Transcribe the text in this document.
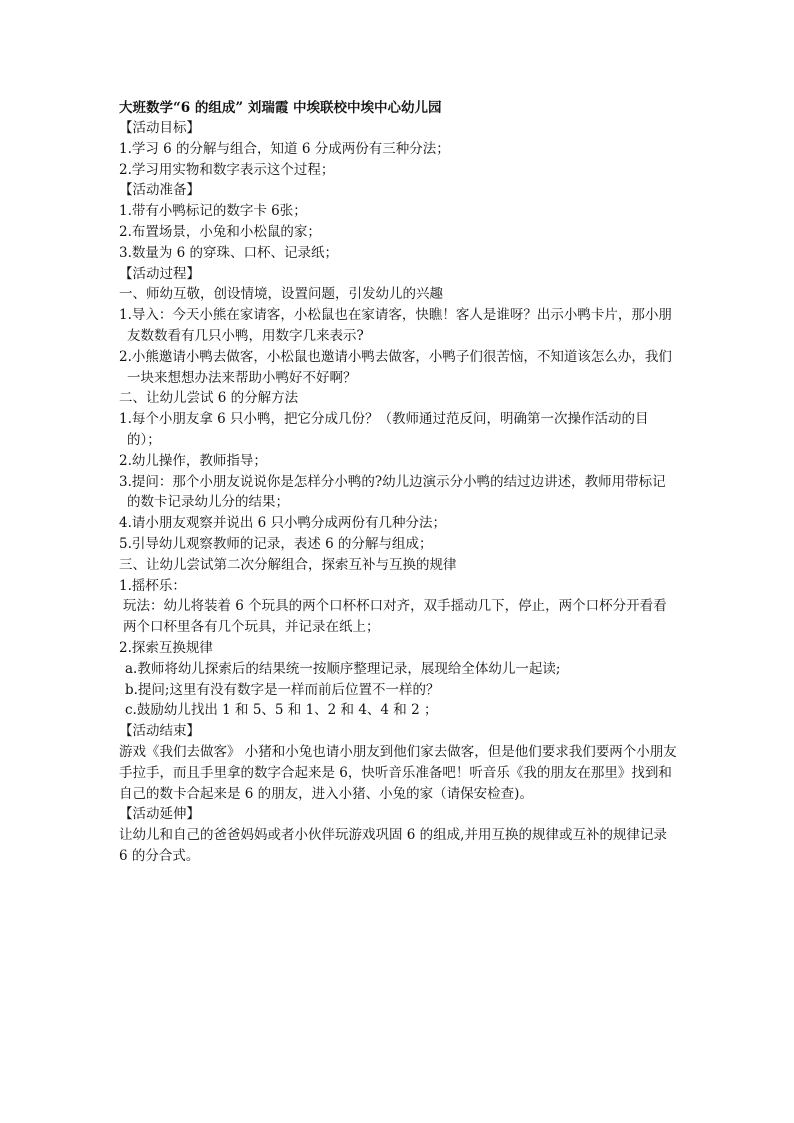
大班数学“6 的组成” 刘瑞霞 中埃联校中埃中心幼儿园

【活动目标】

1.学习 6 的分解与组合，知道 6 分成两份有三种分法；

2.学习用实物和数字表示这个过程；

【活动准备】

1.带有小鸭标记的数字卡 6张；

2.布置场景，小兔和小松鼠的家；

3.数量为 6 的穿珠、口杯、记录纸；

【活动过程】

一、师幼互敬，创设情境，设置问题，引发幼儿的兴趣

1.导入：今天小熊在家请客，小松鼠也在家请客，快瞧！客人是谁呀？出示小鸭卡片，那小朋友数数看有几只小鸭，用数字几来表示?

2.小熊邀请小鸭去做客，小松鼠也邀请小鸭去做客，小鸭子们很苦恼，不知道该怎么办，我们一块来想想办法来帮助小鸭好不好啊？

二、让幼儿尝试 6 的分解方法

1.每个小朋友拿 6 只小鸭，把它分成几份？（教师通过范反问，明确第一次操作活动的目的）；

2.幼儿操作，教师指导；

3.提问：那个小朋友说说你是怎样分小鸭的?幼儿边演示分小鸭的结过边讲述，教师用带标记的数卡记录幼儿分的结果；

4.请小朋友观察并说出 6 只小鸭分成两份有几种分法；

5.引导幼儿观察教师的记录，表述 6 的分解与组成；

三、让幼儿尝试第二次分解组合，探索互补与互换的规律

1.摇杯乐：

玩法：幼儿将装着 6 个玩具的两个口杯杯口对齐，双手摇动几下，停止，两个口杯分开看看两个口杯里各有几个玩具，并记录在纸上；

2.探索互换规律

a.教师将幼儿探索后的结果统一按顺序整理记录，展现给全体幼儿一起读;

b.提问;这里有没有数字是一样而前后位置不一样的？

c.鼓励幼儿找出 1 和 5、5 和 1、2 和 4、4 和 2 ；

【活动结束】

游戏《我们去做客》 小猪和小兔也请小朋友到他们家去做客，但是他们要求我们要两个小朋友手拉手，而且手里拿的数字合起来是 6，快听音乐准备吧！听音乐《我的朋友在那里》找到和自己的数卡合起来是 6 的朋友，进入小猪、小兔的家（请保安检查)。

【活动延伸】

让幼儿和自己的爸爸妈妈或者小伙伴玩游戏巩固 6 的组成,并用互换的规律或互补的规律记录 6 的分合式。
